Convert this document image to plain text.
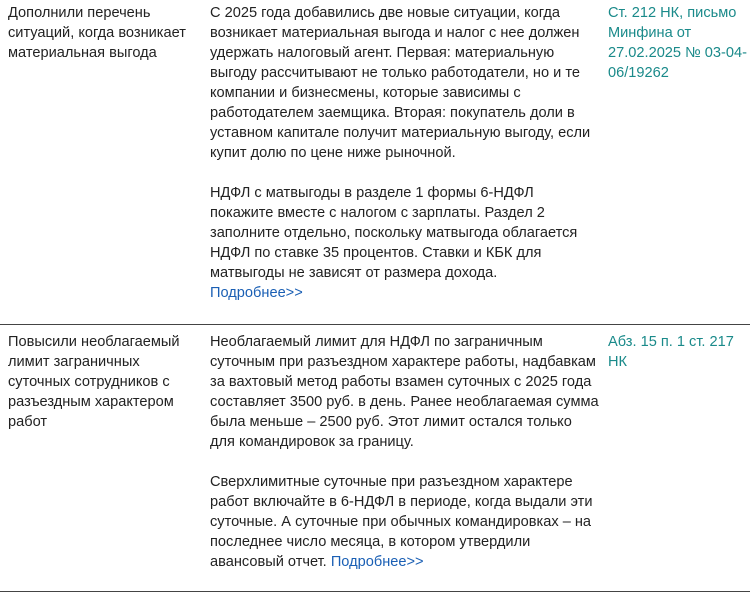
Дополнили перечень ситуаций, когда возникает материальная выгода

С 2025 года добавились две новые ситуации, когда возникает материальная выгода и налог с нее должен удержать налоговый агент. Первая: материальную выгоду рассчитывают не только работодатели, но и те компании и бизнесмены, которые зависимы с работодателем заемщика. Вторая: покупатель доли в уставном капитале получит материальную выгоду, если купит долю по цене ниже рыночной.

НДФЛ с матвыгоды в разделе 1 формы 6-НДФЛ покажите вместе с налогом с зарплаты. Раздел 2 заполните отдельно, поскольку матвыгода облагается НДФЛ по ставке 35 процентов. Ставки и КБК для матвыгоды не зависят от размера дохода.
Подробнее>>

Ст. 212 НК, письмо Минфина от 27.02.2025 № 03-04-06/19262
Повысили необлагаемый лимит заграничных суточных сотрудников с разъездным характером работ

Необлагаемый лимит для НДФЛ по заграничным суточным при разъездном характере работы, надбавкам за вахтовый метод работы взамен суточных с 2025 года составляет 3500 руб. в день. Ранее необлагаемая сумма была меньше – 2500 руб. Этот лимит остался только для командировок за границу.

Сверхлимитные суточные при разъездном характере работ включайте в 6-НДФЛ в периоде, когда выдали эти суточные. А суточные при обычных командировках – на последнее число месяца, в котором утвердили авансовый отчет. Подробнее>>

Абз. 15 п. 1 ст. 217 НК
